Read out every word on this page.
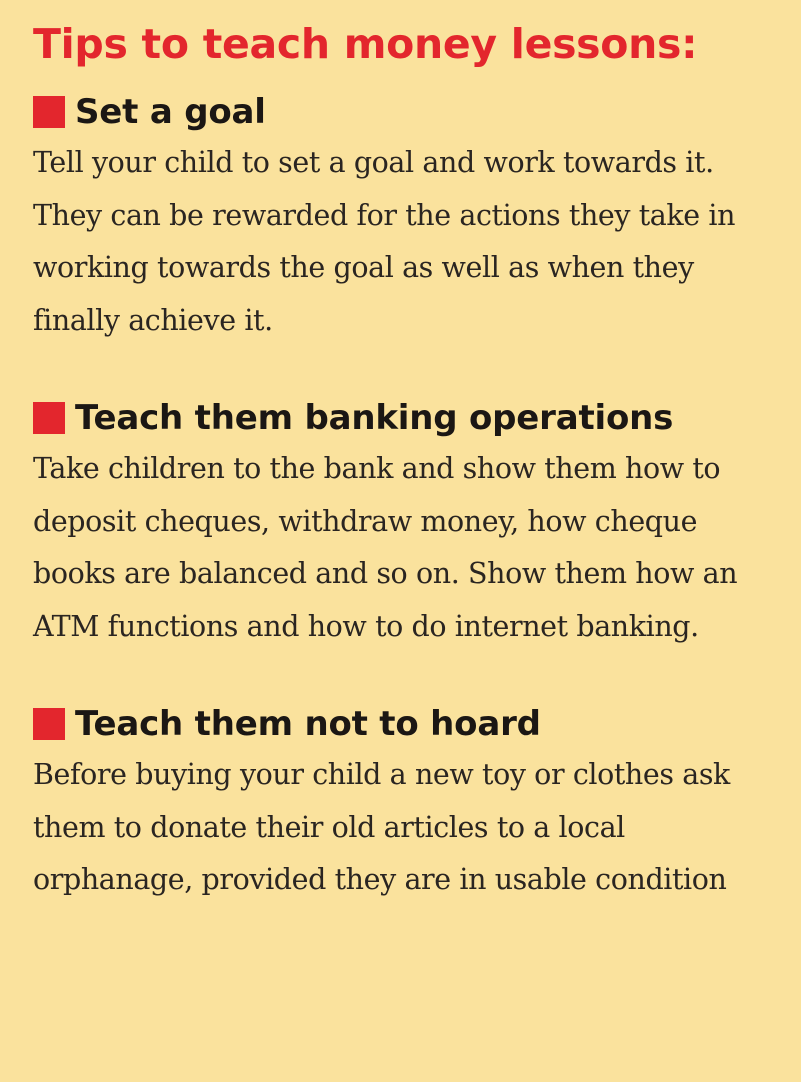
Tips to teach money lessons:
Set a goal

Tell your child to set a goal and work towards it. They can be rewarded for the actions they take in working towards the goal as well as when they finally achieve it.

Teach them banking operations

Take children to the bank and show them how to deposit cheques, withdraw money, how cheque books are balanced and so on. Show them how an ATM functions and how to do internet banking.

Teach them not to hoard

Before buying your child a new toy or clothes ask them to donate their old articles to a local orphanage, provided they are in usable condition
